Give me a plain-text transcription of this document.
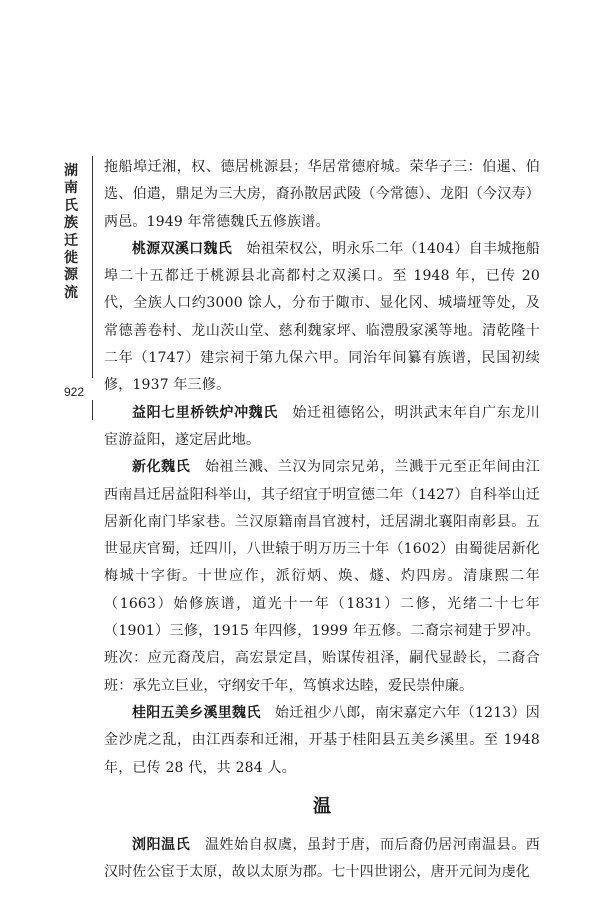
湖南氏族迁徙源流
922

拖船埠迁湘，权、德居桃源县；华居常德府城。荣华子三：伯暹、伯选、伯遣，鼎足为三大房，裔孙散居武陵（今常德）、龙阳（今汉寿）两邑。1949 年常德魏氏五修族谱。

桃源双溪口魏氏　 始祖荣权公，明永乐二年（1404）自丰城拖船埠二十五都迁于桃源县北高都村之双溪口。至 1948 年，已传 20 代，全族人口约3000 馀人，分布于陬市、显化冈、城墙垭等处，及常德善卷村、龙山茨山堂、慈利魏家坪、临澧殷家溪等地。清乾隆十二年（1747）建宗祠于第九保六甲。同治年间纂有族谱，民国初续修，1937 年三修。

益阳七里桥铁炉冲魏氏　 始迁祖德铭公，明洪武末年自广东龙川宦游益阳，遂定居此地。

新化魏氏　 始祖兰溅、兰汉为同宗兄弟，兰溅于元至正年间由江西南昌迁居益阳科举山，其子绍宜于明宣德二年（1427）自科举山迁居新化南门毕家巷。兰汉原籍南昌官渡村，迁居湖北襄阳南彰县。五世显庆官蜀，迁四川，八世辕于明万历三十年（1602）由蜀徙居新化梅城十字街。十世应作，派衍炳、焕、燧、灼四房。清康熙二年（1663）始修族谱，道光十一年（1831）二修，光绪二十七年（1901）三修，1915 年四修，1999 年五修。二裔宗祠建于罗冲。班次：应元裔茂启，高宏景定昌，贻谋传祖泽，嗣代显龄长，二裔合班：承先立巨业，守纲安千年，笃慎求达睦，爱民崇仲廉。

桂阳五美乡溪里魏氏　 始迁祖少八郎，南宋嘉定六年（1213）因金沙虎之乱，由江西泰和迁湘，开基于桂阳县五美乡溪里。至 1948 年，已传 28 代，共 284 人。

温

浏阳温氏　 温姓始自叔虞，虽封于唐，而后裔仍居河南温县。西汉时佐公宦于太原，故以太原为郡。七十四世诩公，唐开元间为虔化
